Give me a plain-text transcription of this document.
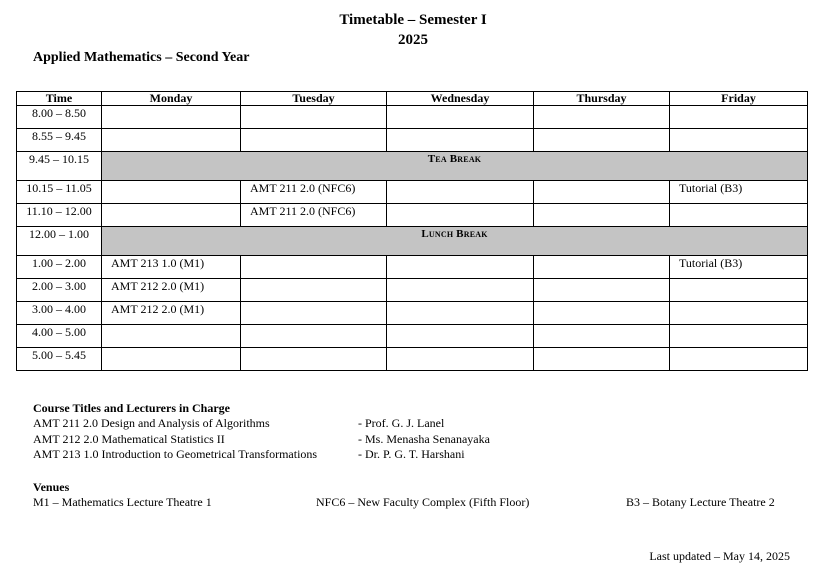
Timetable – Semester I
2025
Applied Mathematics – Second Year
Time	Monday	Tuesday	Wednesday	Thursday	Friday
8.00 – 8.50					
8.55 – 9.45					
9.45 – 10.15	Tea Break				
10.15 – 11.05		AMT 211 2.0 (NFC6)			Tutorial (B3)
11.10 – 12.00		AMT 211 2.0 (NFC6)			
12.00 – 1.00	Lunch Break				
1.00 – 2.00	AMT 213 1.0 (M1)				Tutorial (B3)
2.00 – 3.00	AMT 212 2.0 (M1)				
3.00 – 4.00	AMT 212 2.0 (M1)				
4.00 – 5.00					
5.00 – 5.45					
Course Titles and Lecturers in Charge
AMT 211 2.0 Design and Analysis of Algorithms	- Prof. G. J. Lanel
AMT 212 2.0 Mathematical Statistics II	- Ms. Menasha Senanayaka
AMT 213 1.0 Introduction to Geometrical Transformations	- Dr. P. G. T. Harshani
Venues
M1 – Mathematics Lecture Theatre 1	NFC6 – New Faculty Complex (Fifth Floor)	B3 – Botany Lecture Theatre 2
Last updated – May 14, 2025
